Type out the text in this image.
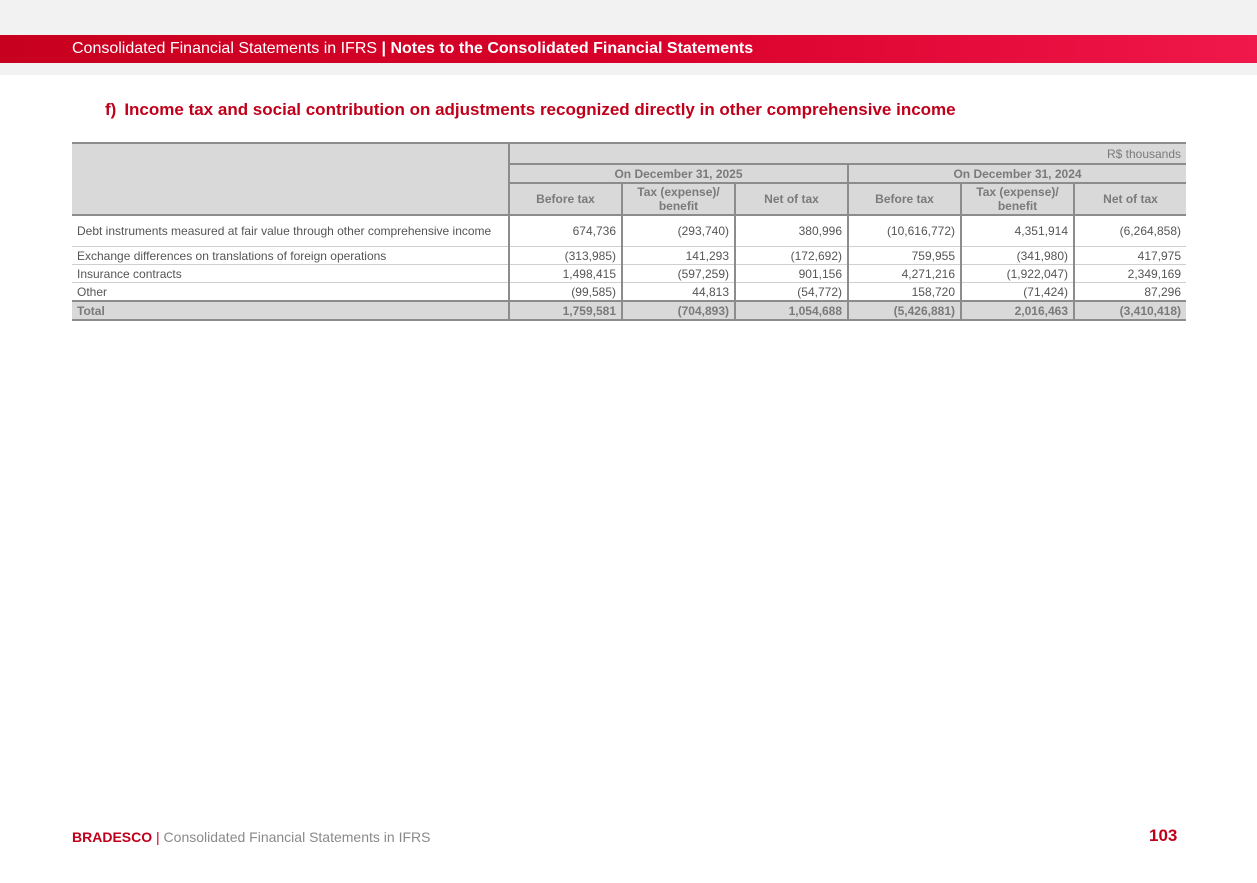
Consolidated Financial Statements in IFRS | Notes to the Consolidated Financial Statements
f) Income tax and social contribution on adjustments recognized directly in other comprehensive income
	R$ thousands					
	On December 31, 2025			On December 31, 2024		
	Before tax	Tax (expense)/ benefit	Net of tax	Before tax	Tax (expense)/ benefit	Net of tax
Debt instruments measured at fair value through other comprehensive income	674,736	(293,740)	380,996	(10,616,772)	4,351,914	(6,264,858)
Exchange differences on translations of foreign operations	(313,985)	141,293	(172,692)	759,955	(341,980)	417,975
Insurance contracts	1,498,415	(597,259)	901,156	4,271,216	(1,922,047)	2,349,169
Other	(99,585)	44,813	(54,772)	158,720	(71,424)	87,296
Total	1,759,581	(704,893)	1,054,688	(5,426,881)	2,016,463	(3,410,418)
BRADESCO | Consolidated Financial Statements in IFRS	103
